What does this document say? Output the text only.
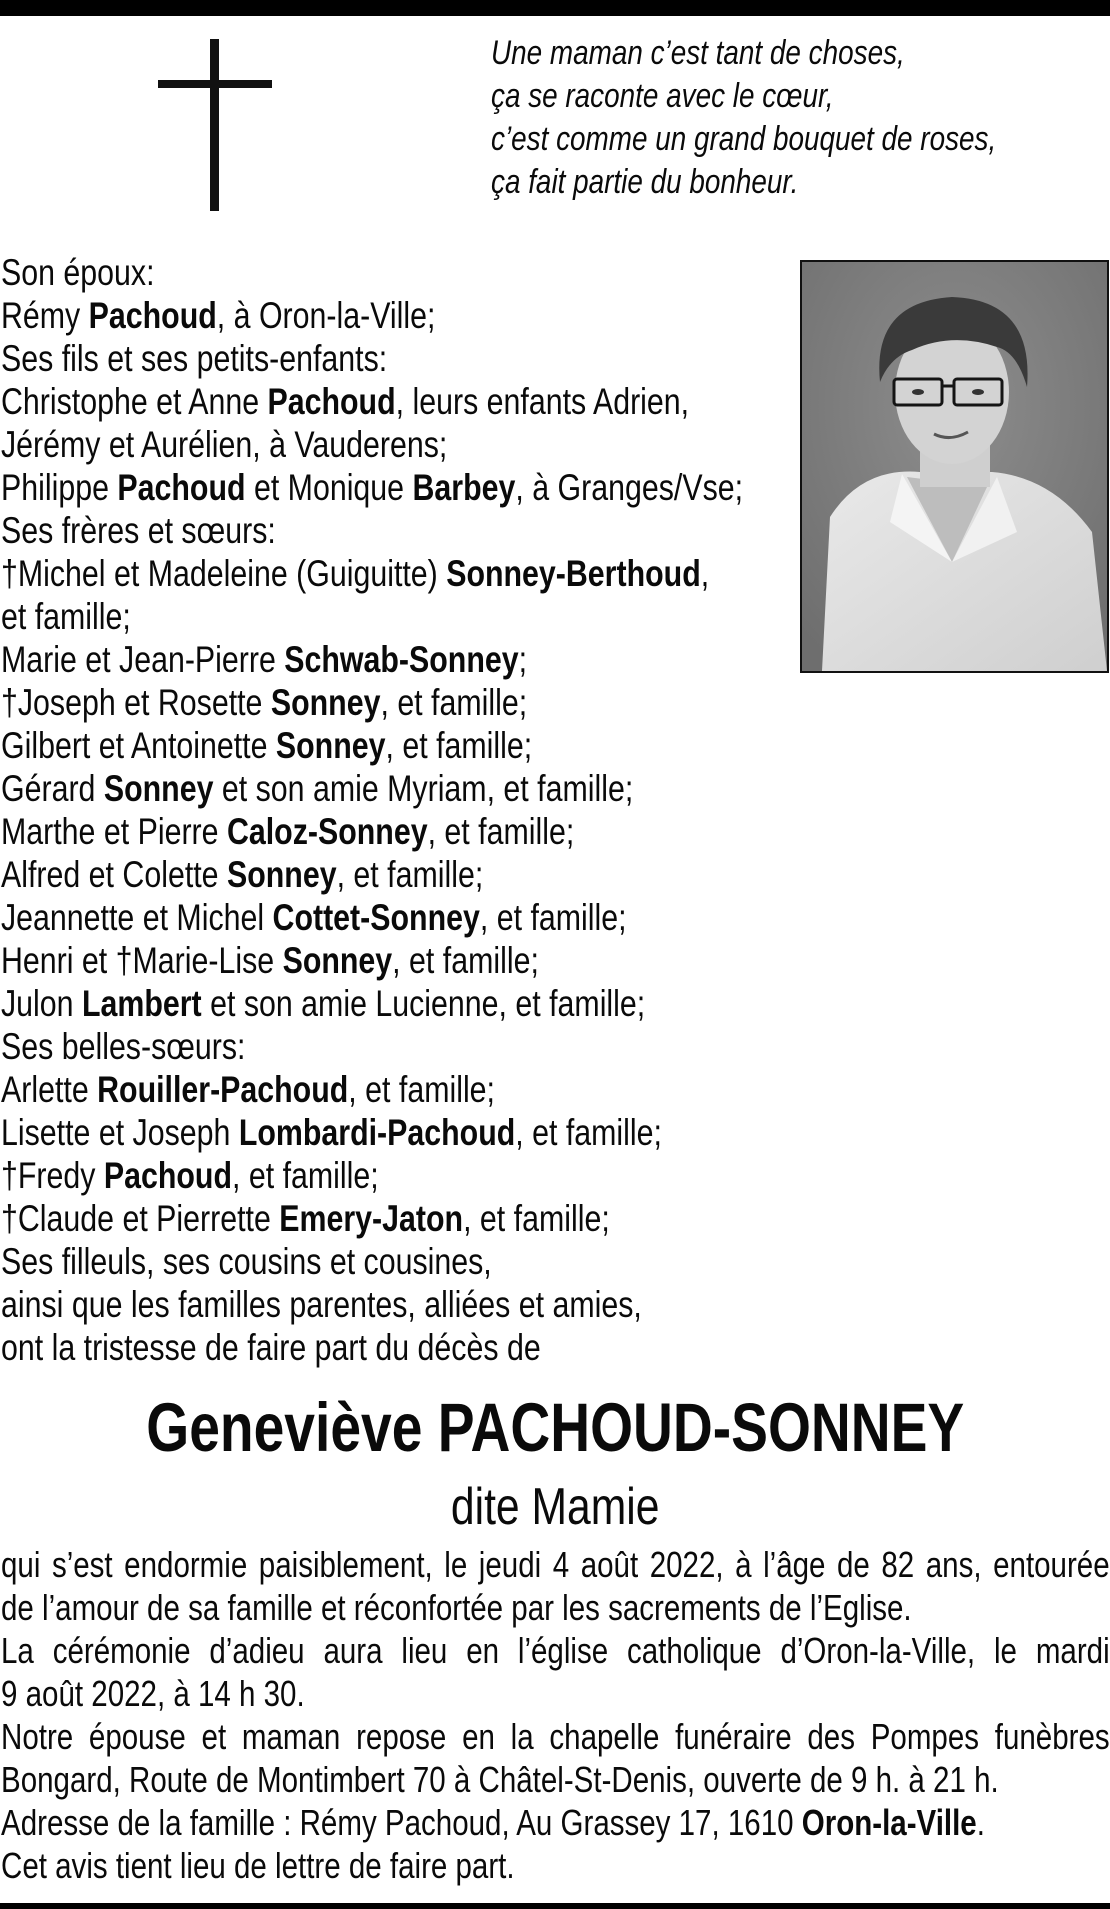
Une maman c’est tant de choses,
ça se raconte avec le cœur,
c’est comme un grand bouquet de roses,
ça fait partie du bonheur.
Son époux:
Rémy Pachoud, à Oron-la-Ville;
Ses fils et ses petits-enfants:
Christophe et Anne Pachoud, leurs enfants Adrien,
Jérémy et Aurélien, à Vauderens;
Philippe Pachoud et Monique Barbey, à Granges/Vse;
Ses frères et sœurs:
†Michel et Madeleine (Guiguitte) Sonney-Berthoud,
et famille;
Marie et Jean-Pierre Schwab-Sonney;
†Joseph et Rosette Sonney, et famille;
Gilbert et Antoinette Sonney, et famille;
Gérard Sonney et son amie Myriam, et famille;
Marthe et Pierre Caloz-Sonney, et famille;
Alfred et Colette Sonney, et famille;
Jeannette et Michel Cottet-Sonney, et famille;
Henri et †Marie-Lise Sonney, et famille;
Julon Lambert et son amie Lucienne, et famille;
Ses belles-sœurs:
Arlette Rouiller-Pachoud, et famille;
Lisette et Joseph Lombardi-Pachoud, et famille;
†Fredy Pachoud, et famille;
†Claude et Pierrette Emery-Jaton, et famille;
Ses filleuls, ses cousins et cousines,
ainsi que les familles parentes, alliées et amies,
ont la tristesse de faire part du décès de
Geneviève PACHOUD-SONNEY
dite Mamie
qui s’est endormie paisiblement, le jeudi 4 août 2022, à l’âge de 82 ans, entourée
de l’amour de sa famille et réconfortée par les sacrements de l’Eglise.
La cérémonie d’adieu aura lieu en l’église catholique d’Oron-la-Ville, le mardi
9 août 2022, à 14 h 30.
Notre épouse et maman repose en la chapelle funéraire des Pompes funèbres
Bongard, Route de Montimbert 70 à Châtel-St-Denis, ouverte de 9 h. à 21 h.
Adresse de la famille : Rémy Pachoud, Au Grassey 17, 1610 Oron-la-Ville.
Cet avis tient lieu de lettre de faire part.
